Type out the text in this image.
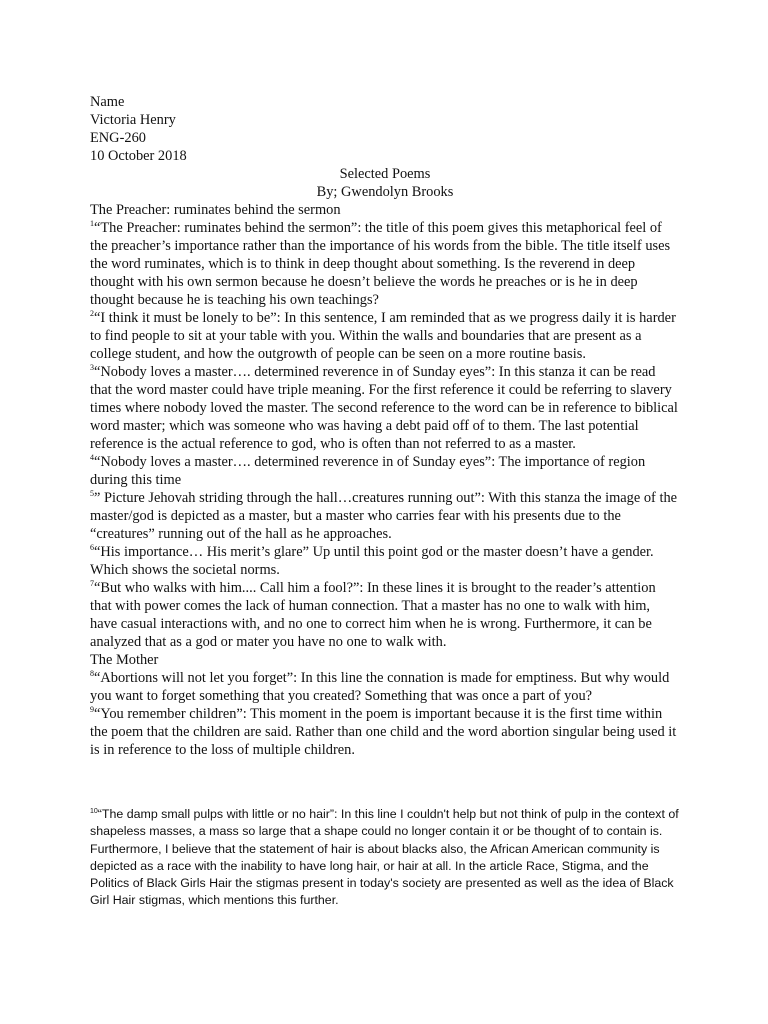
Name

Victoria Henry

ENG-260

10 October 2018

Selected Poems

By; Gwendolyn Brooks

The Preacher: ruminates behind the sermon

$^1$“The Preacher: ruminates behind the sermon”: the title of this poem gives this metaphorical feel of the preacher’s importance rather than the importance of his words from the bible. The title itself uses the word ruminates, which is to think in deep thought about something. Is the reverend in deep thought with his own sermon because he doesn’t believe the words he preaches or is he in deep thought because he is teaching his own teachings?

$^2$“I think it must be lonely to be”: In this sentence, I am reminded that as we progress daily it is harder to find people to sit at your table with you. Within the walls and boundaries that are present as a college student, and how the outgrowth of people can be seen on a more routine basis.

$^3$“Nobody loves a master…. determined reverence in of Sunday eyes”: In this stanza it can be read that the word master could have triple meaning. For the first reference it could be referring to slavery times where nobody loved the master. The second reference to the word can be in reference to biblical word master; which was someone who was having a debt paid off of to them. The last potential reference is the actual reference to god, who is often than not referred to as a master.

$^4$“Nobody loves a master…. determined reverence in of Sunday eyes”: The importance of region during this time

$^5$” Picture Jehovah striding through the hall…creatures running out”: With this stanza the image of the master/god is depicted as a master, but a master who carries fear with his presents due to the “creatures” running out of the hall as he approaches.

$^6$“His importance… His merit’s glare” Up until this point god or the master doesn’t have a gender. Which shows the societal norms.

$^7$“But who walks with him.... Call him a fool?”: In these lines it is brought to the reader’s attention that with power comes the lack of human connection. That a master has no one to walk with him, have casual interactions with, and no one to correct him when he is wrong. Furthermore, it can be analyzed that as a god or mater you have no one to walk with.

The Mother

$^8$“Abortions will not let you forget”: In this line the connation is made for emptiness. But why would you want to forget something that you created? Something that was once a part of you?

$^9$“You remember children”: This moment in the poem is important because it is the first time within the poem that the children are said. Rather than one child and the word abortion singular being used it is in reference to the loss of multiple children.

$^{10}$“The damp small pulps with little or no hair”: In this line I couldn't help but not think of pulp in the context of shapeless masses, a mass so large that a shape could no longer contain it or be thought of to contain is. Furthermore, I believe that the statement of hair is about blacks also, the African American community is depicted as a race with the inability to have long hair, or hair at all. In the article Race, Stigma, and the Politics of Black Girls Hair the stigmas present in today's society are presented as well as the idea of Black Girl Hair stigmas, which mentions this further.
